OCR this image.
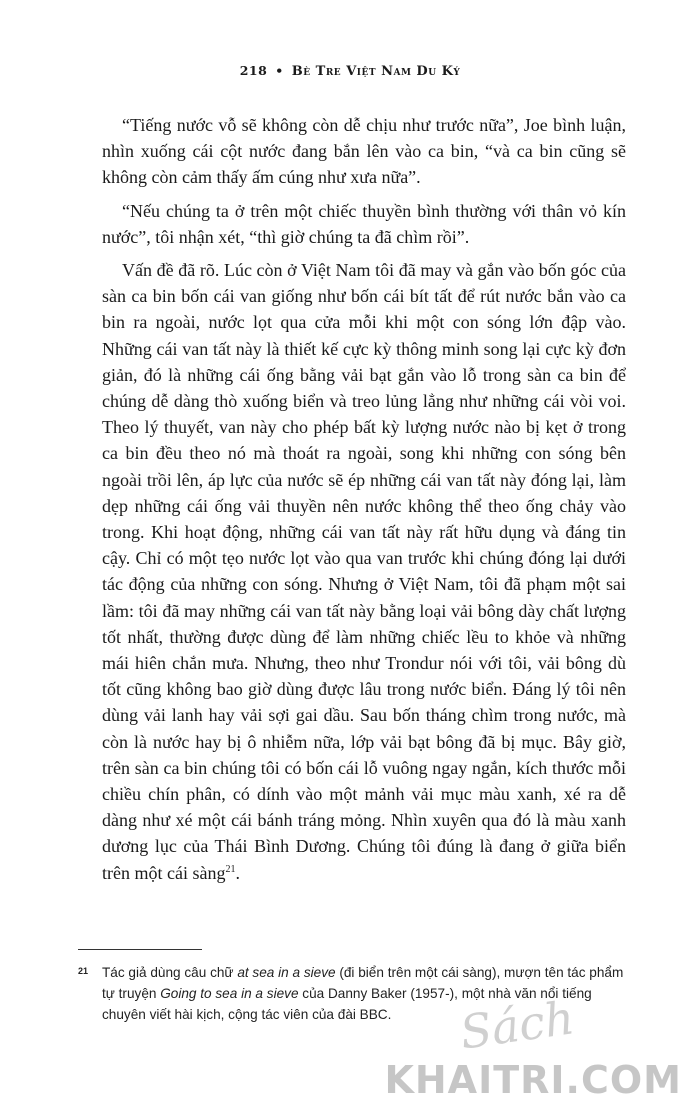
218 • Bè Tre Việt Nam Du Ký

“Tiếng nước vỗ sẽ không còn dễ chịu như trước nữa”, Joe bình luận, nhìn xuống cái cột nước đang bắn lên vào ca bin, “và ca bin cũng sẽ không còn cảm thấy ấm cúng như xưa nữa”.

“Nếu chúng ta ở trên một chiếc thuyền bình thường với thân vỏ kín nước”, tôi nhận xét, “thì giờ chúng ta đã chìm rồi”.

Vấn đề đã rõ. Lúc còn ở Việt Nam tôi đã may và gắn vào bốn góc của sàn ca bin bốn cái van giống như bốn cái bít tất để rút nước bắn vào ca bin ra ngoài, nước lọt qua cửa mỗi khi một con sóng lớn đập vào. Những cái van tất này là thiết kế cực kỳ thông minh song lại cực kỳ đơn giản, đó là những cái ống bằng vải bạt gắn vào lỗ trong sàn ca bin để chúng dễ dàng thò xuống biển và treo lủng lẳng như những cái vòi voi. Theo lý thuyết, van này cho phép bất kỳ lượng nước nào bị kẹt ở trong ca bin đều theo nó mà thoát ra ngoài, song khi những con sóng bên ngoài trồi lên, áp lực của nước sẽ ép những cái van tất này đóng lại, làm dẹp những cái ống vải thuyền nên nước không thể theo ống chảy vào trong. Khi hoạt động, những cái van tất này rất hữu dụng và đáng tin cậy. Chỉ có một tẹo nước lọt vào qua van trước khi chúng đóng lại dưới tác động của những con sóng. Nhưng ở Việt Nam, tôi đã phạm một sai lầm: tôi đã may những cái van tất này bằng loại vải bông dày chất lượng tốt nhất, thường được dùng để làm những chiếc lều to khỏe và những mái hiên chắn mưa. Nhưng, theo như Trondur nói với tôi, vải bông dù tốt cũng không bao giờ dùng được lâu trong nước biển. Đáng lý tôi nên dùng vải lanh hay vải sợi gai dầu. Sau bốn tháng chìm trong nước, mà còn là nước hay bị ô nhiễm nữa, lớp vải bạt bông đã bị mục. Bây giờ, trên sàn ca bin chúng tôi có bốn cái lỗ vuông ngay ngắn, kích thước mỗi chiều chín phân, có dính vào một mảnh vải mục màu xanh, xé ra dễ dàng như xé một cái bánh tráng mỏng. Nhìn xuyên qua đó là màu xanh dương lục của Thái Bình Dương. Chúng tôi đúng là đang ở giữa biển trên một cái sàng$^{21}$.

21 Tác giả dùng câu chữ at sea in a sieve (đi biển trên một cái sàng), mượn tên tác phẩm tự truyện Going to sea in a sieve của Danny Baker (1957-), một nhà văn nổi tiếng chuyên viết hài kịch, cộng tác viên của đài BBC.	Sách
KHAITRI.COM
